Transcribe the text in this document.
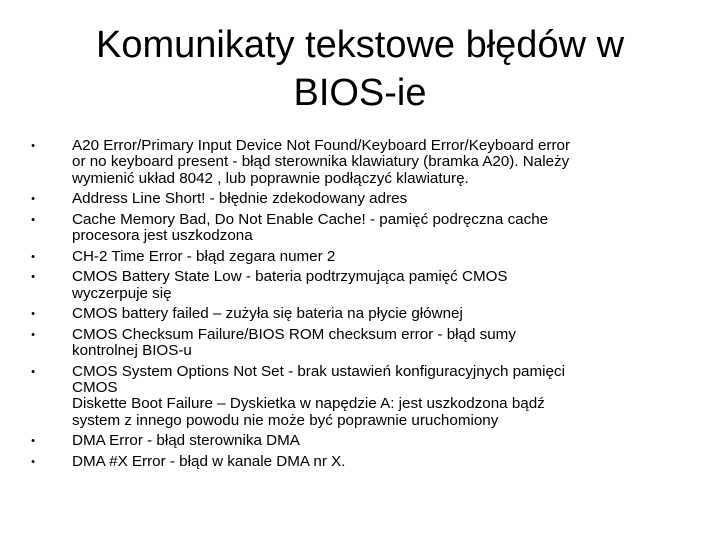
Komunikaty tekstowe błędów w
BIOS-ie
• A20 Error/Primary Input Device Not Found/Keyboard Error/Keyboard error
or no keyboard present - błąd sterownika klawiatury (bramka A20). Należy
wymienić układ 8042 , lub poprawnie podłączyć klawiaturę.
• Address Line Short! - błędnie zdekodowany adres
• Cache Memory Bad, Do Not Enable Cache! - pamięć podręczna cache
procesora jest uszkodzona
• CH-2 Time Error - błąd zegara numer 2
• CMOS Battery State Low - bateria podtrzymująca pamięć CMOS
wyczerpuje się
• CMOS battery failed – zużyła się bateria na płycie głównej
• CMOS Checksum Failure/BIOS ROM checksum error - błąd sumy
kontrolnej BIOS-u
• CMOS System Options Not Set - brak ustawień konfiguracyjnych pamięci
CMOS
Diskette Boot Failure – Dyskietka w napędzie A: jest uszkodzona bądź
system z innego powodu nie może być poprawnie uruchomiony
• DMA Error - błąd sterownika DMA
• DMA #X Error - błąd w kanale DMA nr X.
